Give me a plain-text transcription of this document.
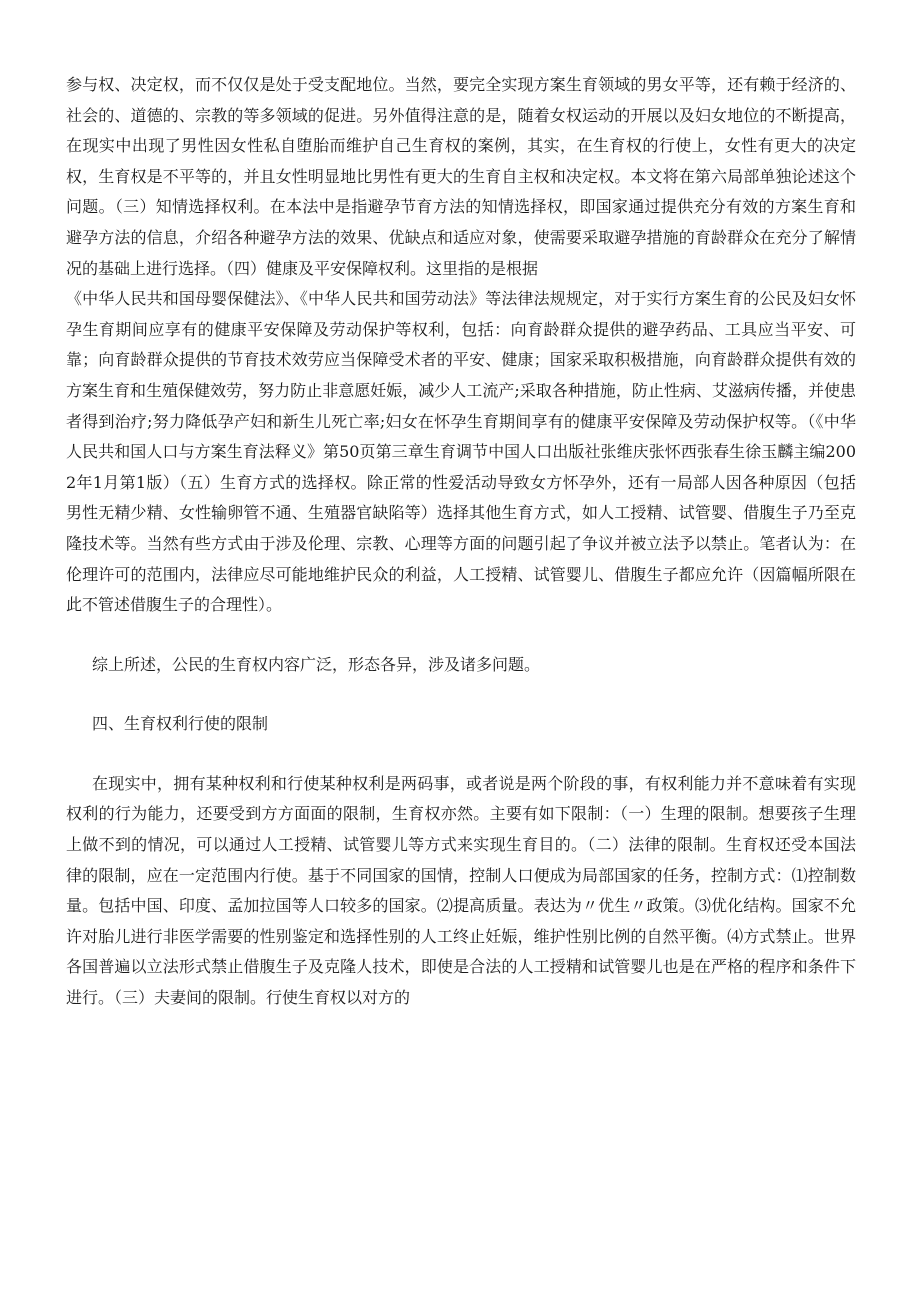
参与权、决定权，而不仅仅是处于受支配地位。当然，要完全实现方案生育领域的男女平等，还有赖于经济的、社会的、道德的、宗教的等多领域的促进。另外值得注意的是，随着女权运动的开展以及妇女地位的不断提高，在现实中出现了男性因女性私自堕胎而维护自己生育权的案例，其实，在生育权的行使上，女性有更大的决定权，生育权是不平等的，并且女性明显地比男性有更大的生育自主权和决定权。本文将在第六局部单独论述这个问题。（三）知情选择权利。在本法中是指避孕节育方法的知情选择权，即国家通过提供充分有效的方案生育和避孕方法的信息，介绍各种避孕方法的效果、优缺点和适应对象，使需要采取避孕措施的育龄群众在充分了解情况的基础上进行选择。（四）健康及平安保障权利。这里指的是根据

《中华人民共和国母婴保健法》、《中华人民共和国劳动法》等法律法规规定，对于实行方案生育的公民及妇女怀孕生育期间应享有的健康平安保障及劳动保护等权利，包括：向育龄群众提供的避孕药品、工具应当平安、可靠；向育龄群众提供的节育技术效劳应当保障受术者的平安、健康；国家采取积极措施，向育龄群众提供有效的方案生育和生殖保健效劳，努力防止非意愿妊娠，减少人工流产;采取各种措施，防止性病、艾滋病传播，并使患者得到治疗;努力降低孕产妇和新生儿死亡率;妇女在怀孕生育期间享有的健康平安保障及劳动保护权等。（《中华人民共和国人口与方案生育法释义》第50页第三章生育调节中国人口出版社张维庆张怀西张春生徐玉麟主编2002年1月第1版）（五）生育方式的选择权。除正常的性爱活动导致女方怀孕外，还有一局部人因各种原因（包括男性无精少精、女性输卵管不通、生殖器官缺陷等）选择其他生育方式，如人工授精、试管婴、借腹生子乃至克隆技术等。当然有些方式由于涉及伦理、宗教、心理等方面的问题引起了争议并被立法予以禁止。笔者认为：在伦理许可的范围内，法律应尽可能地维护民众的利益，人工授精、试管婴儿、借腹生子都应允许（因篇幅所限在此不管述借腹生子的合理性）。

综上所述，公民的生育权内容广泛，形态各异，涉及诸多问题。

四、生育权利行使的限制

在现实中，拥有某种权利和行使某种权利是两码事，或者说是两个阶段的事，有权利能力并不意味着有实现权利的行为能力，还要受到方方面面的限制，生育权亦然。主要有如下限制：（一）生理的限制。想要孩子生理上做不到的情况，可以通过人工授精、试管婴儿等方式来实现生育目的。（二）法律的限制。生育权还受本国法律的限制，应在一定范围内行使。基于不同国家的国情，控制人口便成为局部国家的任务，控制方式：⑴控制数量。包括中国、印度、孟加拉国等人口较多的国家。⑵提高质量。表达为〃优生〃政策。⑶优化结构。国家不允许对胎儿进行非医学需要的性别鉴定和选择性别的人工终止妊娠，维护性别比例的自然平衡。⑷方式禁止。世界各国普遍以立法形式禁止借腹生子及克隆人技术，即使是合法的人工授精和试管婴儿也是在严格的程序和条件下进行。（三）夫妻间的限制。行使生育权以对方的
